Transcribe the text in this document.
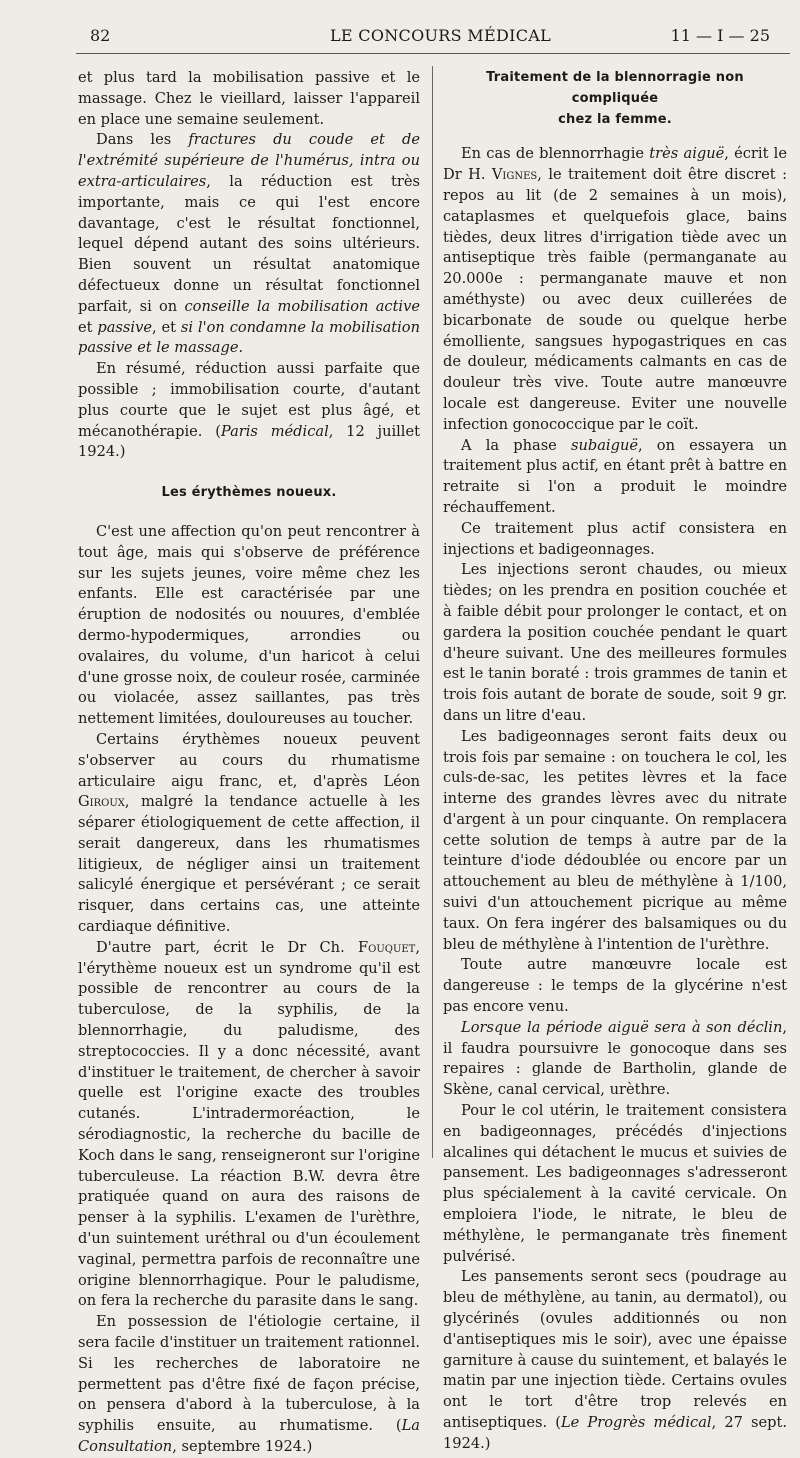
82	LE CONCOURS MÉDICAL	11 — I — 25

et plus tard la mobilisation passive et le massage. Chez le vieillard, laisser l'appareil en place une semaine seulement.

Dans les fractures du coude et de l'extrémité supérieure de l'humérus, intra ou extra-articulaires, la réduction est très importante, mais ce qui l'est encore davantage, c'est le résultat fonctionnel, lequel dépend autant des soins ultérieurs. Bien souvent un résultat anatomique défectueux donne un résultat fonctionnel parfait, si on conseille la mobilisation active et passive, et si l'on condamne la mobilisation passive et le massage.

En résumé, réduction aussi parfaite que possible ; immobilisation courte, d'autant plus courte que le sujet est plus âgé, et mécanothérapie. (Paris médical, 12 juillet 1924.)

Les érythèmes noueux.

C'est une affection qu'on peut rencontrer à tout âge, mais qui s'observe de préférence sur les sujets jeunes, voire même chez les enfants. Elle est caractérisée par une éruption de nodosités ou nouures, d'emblée dermo-hypodermiques, arrondies ou ovalaires, du volume, d'un haricot à celui d'une grosse noix, de couleur rosée, carminée ou violacée, assez saillantes, pas très nettement limitées, douloureuses au toucher.

Certains érythèmes noueux peuvent s'observer au cours du rhumatisme articulaire aigu franc, et, d'après Léon Giroux, malgré la tendance actuelle à les séparer étiologiquement de cette affection, il serait dangereux, dans les rhumatismes litigieux, de négliger ainsi un traitement salicylé énergique et persévérant ; ce serait risquer, dans certains cas, une atteinte cardiaque définitive.

D'autre part, écrit le Dr Ch. Fouquet, l'érythème noueux est un syndrome qu'il est possible de rencontrer au cours de la tuberculose, de la syphilis, de la blennorrhagie, du paludisme, des streptococcies. Il y a donc nécessité, avant d'instituer le traitement, de chercher à savoir quelle est l'origine exacte des troubles cutanés. L'intradermoréaction, le sérodiagnostic, la recherche du bacille de Koch dans le sang, renseigneront sur l'origine tuberculeuse. La réaction B.W. devra être pratiquée quand on aura des raisons de penser à la syphilis. L'examen de l'urèthre, d'un suintement uréthral ou d'un écoulement vaginal, permettra parfois de reconnaître une origine blennorrhagique. Pour le paludisme, on fera la recherche du parasite dans le sang.

En possession de l'étiologie certaine, il sera facile d'instituer un traitement rationnel. Si les recherches de laboratoire ne permettent pas d'être fixé de façon précise, on pensera d'abord à la tuberculose, à la syphilis ensuite, au rhumatisme. (La Consultation, septembre 1924.)

Traitement de la blennorragie non compliquée
chez la femme.

En cas de blennorrhagie très aiguë, écrit le Dr H. Vignes, le traitement doit être discret : repos au lit (de 2 semaines à un mois), cataplasmes et quelquefois glace, bains tièdes, deux litres d'irrigation tiède avec un antiseptique très faible (permanganate au 20.000e : permanganate mauve et non améthyste) ou avec deux cuillerées de bicarbonate de soude ou quelque herbe émolliente, sangsues hypogastriques en cas de douleur, médicaments calmants en cas de douleur très vive. Toute autre manœuvre locale est dangereuse. Eviter une nouvelle infection gonococcique par le coït.

A la phase subaiguë, on essayera un traitement plus actif, en étant prêt à battre en retraite si l'on a produit le moindre réchauffement.

Ce traitement plus actif consistera en injections et badigeonnages.

Les injections seront chaudes, ou mieux tièdes; on les prendra en position couchée et à faible débit pour prolonger le contact, et on gardera la position couchée pendant le quart d'heure suivant. Une des meilleures formules est le tanin boraté : trois grammes de tanin et trois fois autant de borate de soude, soit 9 gr. dans un litre d'eau.

Les badigeonnages seront faits deux ou trois fois par semaine : on touchera le col, les culs-de-sac, les petites lèvres et la face interne des grandes lèvres avec du nitrate d'argent à un pour cinquante. On remplacera cette solution de temps à autre par de la teinture d'iode dédoublée ou encore par un attouchement au bleu de méthylène à 1/100, suivi d'un attouchement picrique au même taux. On fera ingérer des balsamiques ou du bleu de méthylène à l'intention de l'urèthre.

Toute autre manœuvre locale est dangereuse : le temps de la glycérine n'est pas encore venu.

Lorsque la période aiguë sera à son déclin, il faudra poursuivre le gonocoque dans ses repaires : glande de Bartholin, glande de Skène, canal cervical, urèthre.

Pour le col utérin, le traitement consistera en badigeonnages, précédés d'injections alcalines qui détachent le mucus et suivies de pansement. Les badigeonnages s'adresseront plus spécialement à la cavité cervicale. On emploiera l'iode, le nitrate, le bleu de méthylène, le permanganate très finement pulvérisé.

Les pansements seront secs (poudrage au bleu de méthylène, au tanin, au dermatol), ou glycérinés (ovules additionnés ou non d'antiseptiques mis le soir), avec une épaisse garniture à cause du suintement, et balayés le matin par une injection tiède. Certains ovules ont le tort d'être trop relevés en antiseptiques. (Le Progrès médical, 27 sept. 1924.)
